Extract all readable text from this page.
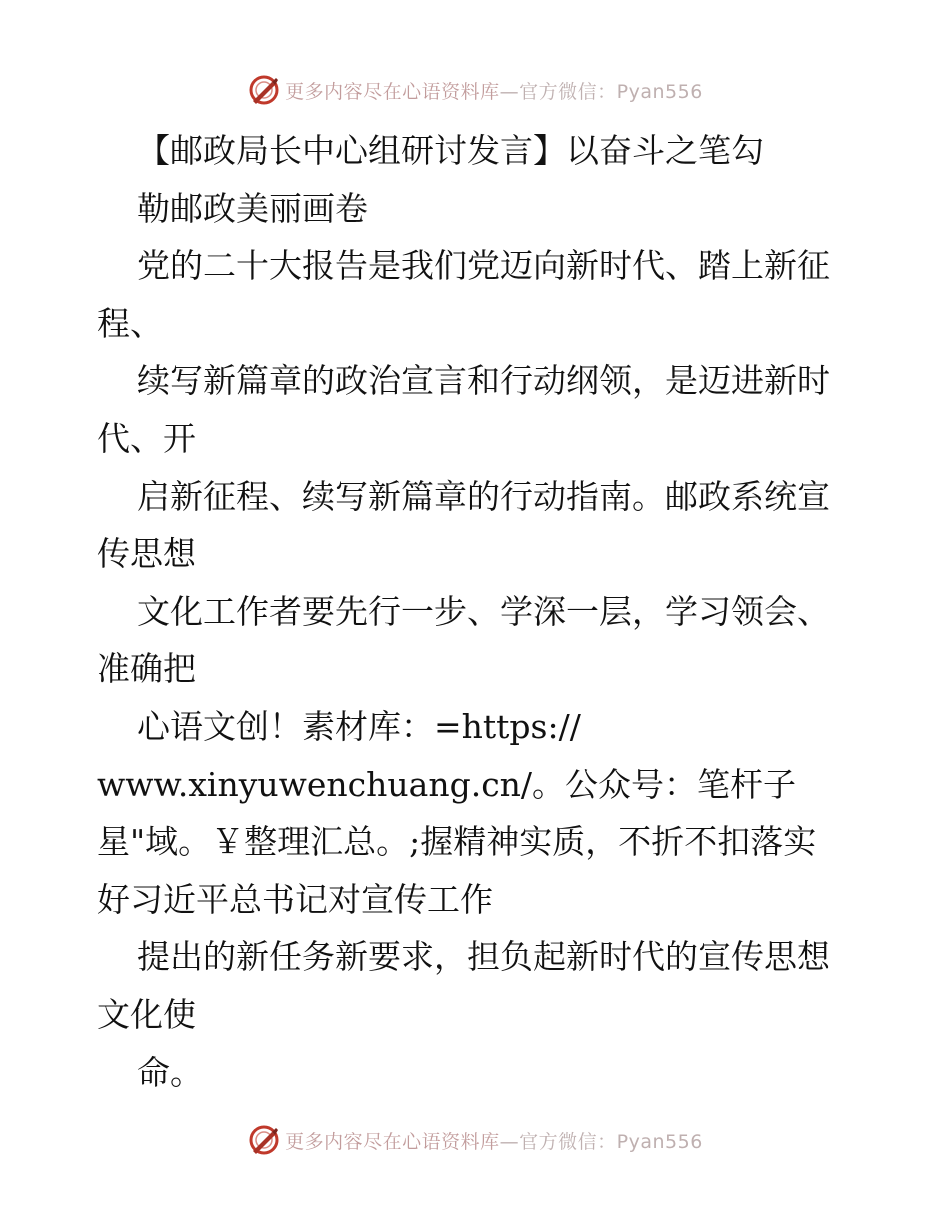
更多内容尽在心语资料库—官方微信：Pyan556
【邮政局长中心组研讨发言】以奋斗之笔勾
勒邮政美丽画卷
党的二十大报告是我们党迈向新时代、踏上新征
程、
续写新篇章的政治宣言和行动纲领，是迈进新时
代、开
启新征程、续写新篇章的行动指南。邮政系统宣
传思想
文化工作者要先行一步、学深一层，学习领会、
准确把
心语文创！素材库：=https://
www.xinyuwenchuang.cn/。公众号：笔杆子
星"域。￥整理汇总。;握精神实质，不折不扣落实
好习近平总书记对宣传工作
提出的新任务新要求，担负起新时代的宣传思想
文化使
命。
更多内容尽在心语资料库—官方微信：Pyan556
